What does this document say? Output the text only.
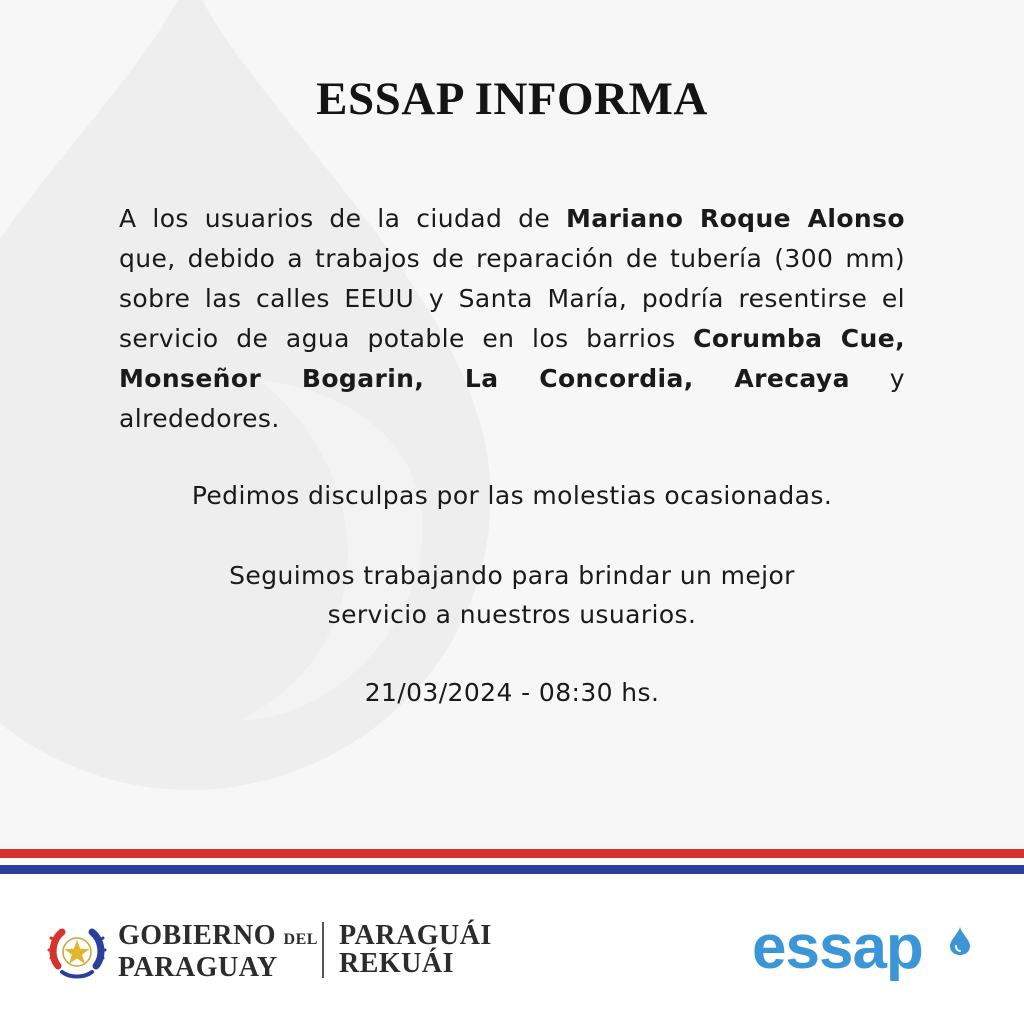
ESSAP INFORMA

A los usuarios de la ciudad de Mariano Roque Alonso que, debido a trabajos de reparación de tubería (300 mm) sobre las calles EEUU y Santa María, podría resentirse el servicio de agua potable en los barrios Corumba Cue, Monseñor Bogarin, La Concordia, Arecaya y alrededores.

Pedimos disculpas por las molestias ocasionadas.

Seguimos trabajando para brindar un mejor

servicio a nuestros usuarios.

21/03/2024 - 08:30 hs.

GOBIERNO DEL
PARAGUAY
PARAGUÁI
REKUÁI	essap
